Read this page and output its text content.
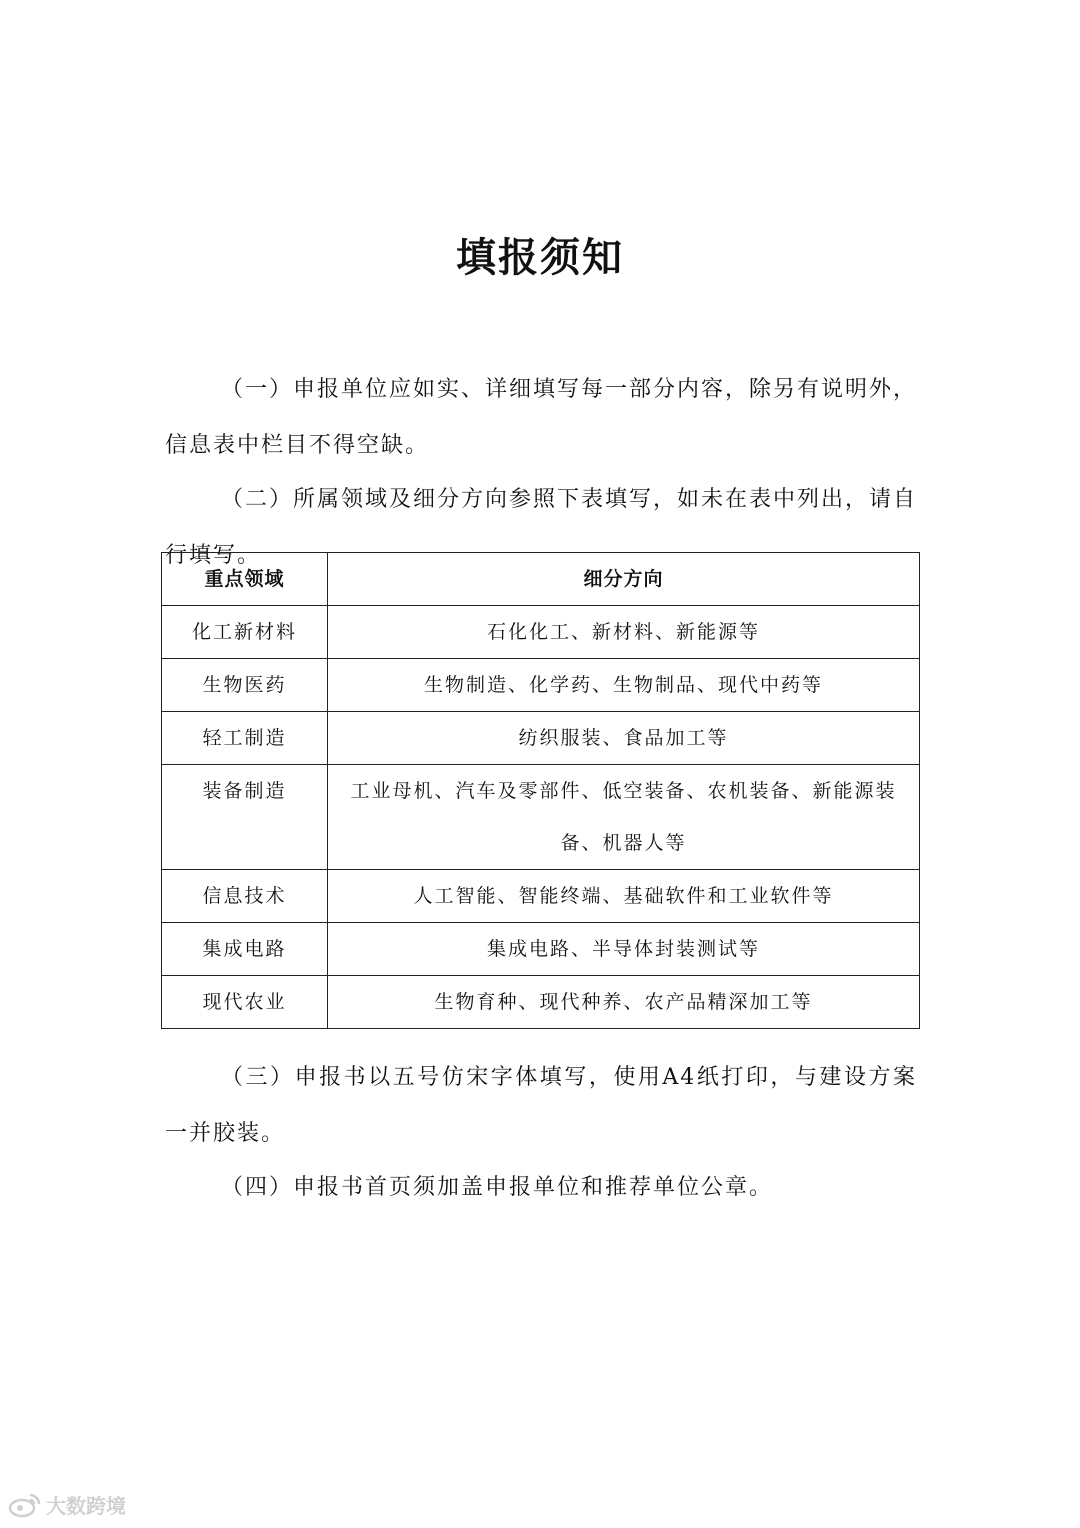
填报须知

（一）申报单位应如实、详细填写每一部分内容，除另有说明外，信息表中栏目不得空缺。

（二）所属领域及细分方向参照下表填写，如未在表中列出，请自行填写。

重点领域	细分方向
化工新材料	石化化工、新材料、新能源等
生物医药	生物制造、化学药、生物制品、现代中药等
轻工制造	纺织服装、食品加工等
装备制造	工业母机、汽车及零部件、低空装备、农机装备、新能源装备、机器人等
信息技术	人工智能、智能终端、基础软件和工业软件等
集成电路	集成电路、半导体封装测试等
现代农业	生物育种、现代种养、农产品精深加工等

（三）申报书以五号仿宋字体填写，使用A4纸打印，与建设方案一并胶装。

（四）申报书首页须加盖申报单位和推荐单位公章。

大数跨境
